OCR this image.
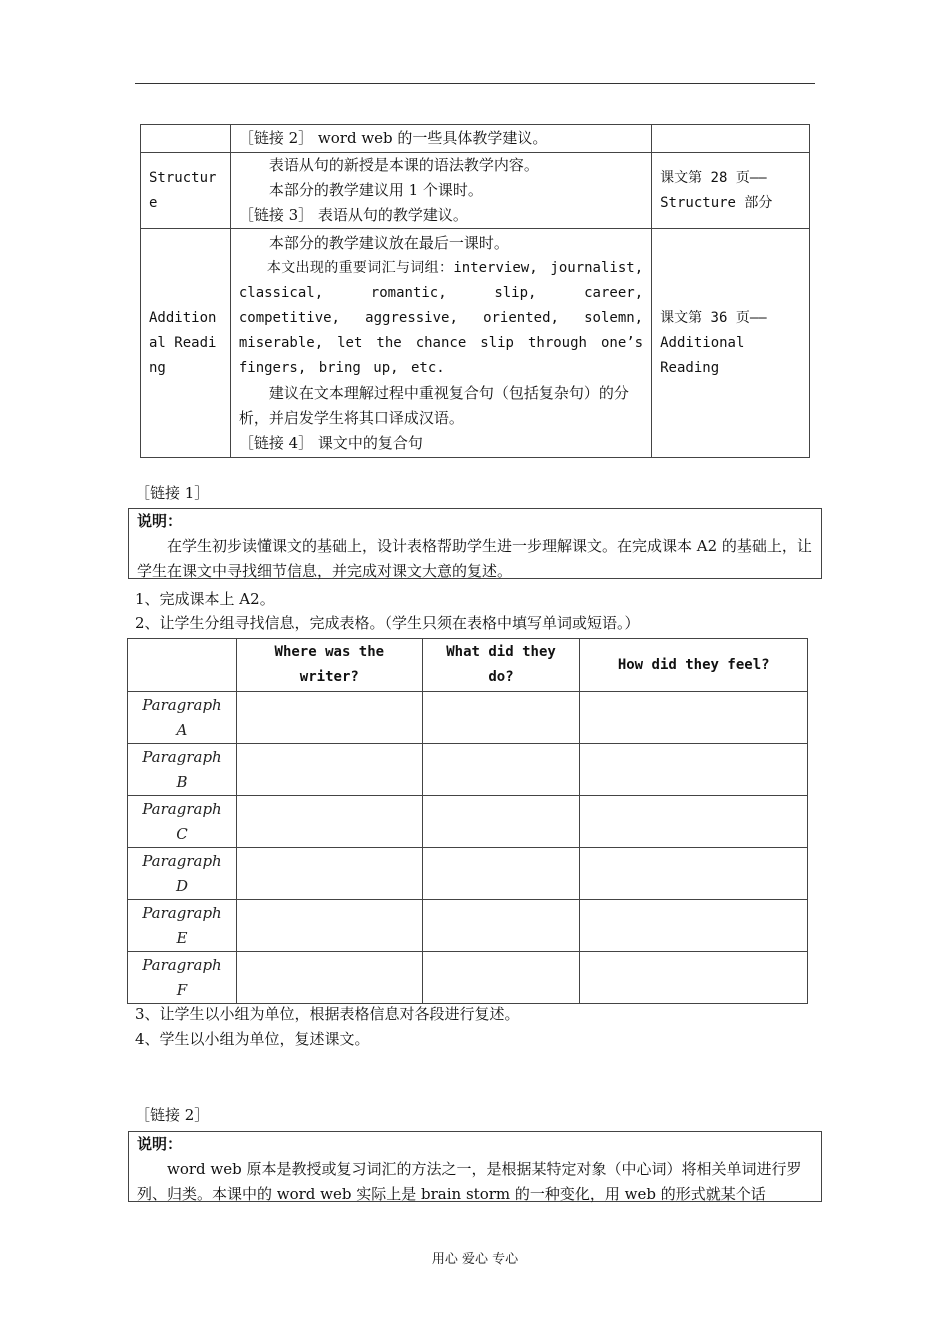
	［链接 2］ word web 的一些具体教学建议。	
Structure	表语从句的新授是本课的语法教学内容。
本部分的教学建议用 1 个课时。
［链接 3］ 表语从句的教学建议。	课文第 28 页——Structure 部分
Additional Reading	本部分的教学建议放在最后一课时。
本文出现的重要词汇与词组：interview, journalist, classical, romantic, slip, career, competitive, aggressive, oriented, solemn, miserable, let the chance slip through one’s fingers, bring up, etc.
建议在文本理解过程中重视复合句（包括复杂句）的分析，并启发学生将其口译成汉语。
［链接 4］ 课文中的复合句	课文第 36 页——Additional Reading
［链接 1］
说明：
在学生初步读懂课文的基础上，设计表格帮助学生进一步理解课文。在完成课本 A2 的基础上，让学生在课文中寻找细节信息，并完成对课文大意的复述。
1、完成课本上 A2。
2、让学生分组寻找信息，完成表格。（学生只须在表格中填写单词或短语。）
	Where was the writer?	What did they do?	How did they feel?
Paragraph A			
Paragraph B			
Paragraph C			
Paragraph D			
Paragraph E			
Paragraph F			
3、让学生以小组为单位，根据表格信息对各段进行复述。
4、学生以小组为单位，复述课文。
［链接 2］
说明：
word web 原本是教授或复习词汇的方法之一，是根据某特定对象（中心词）将相关单词进行罗列、归类。本课中的 word web 实际上是 brain storm 的一种变化，用 web 的形式就某个话
用心 爱心 专心
